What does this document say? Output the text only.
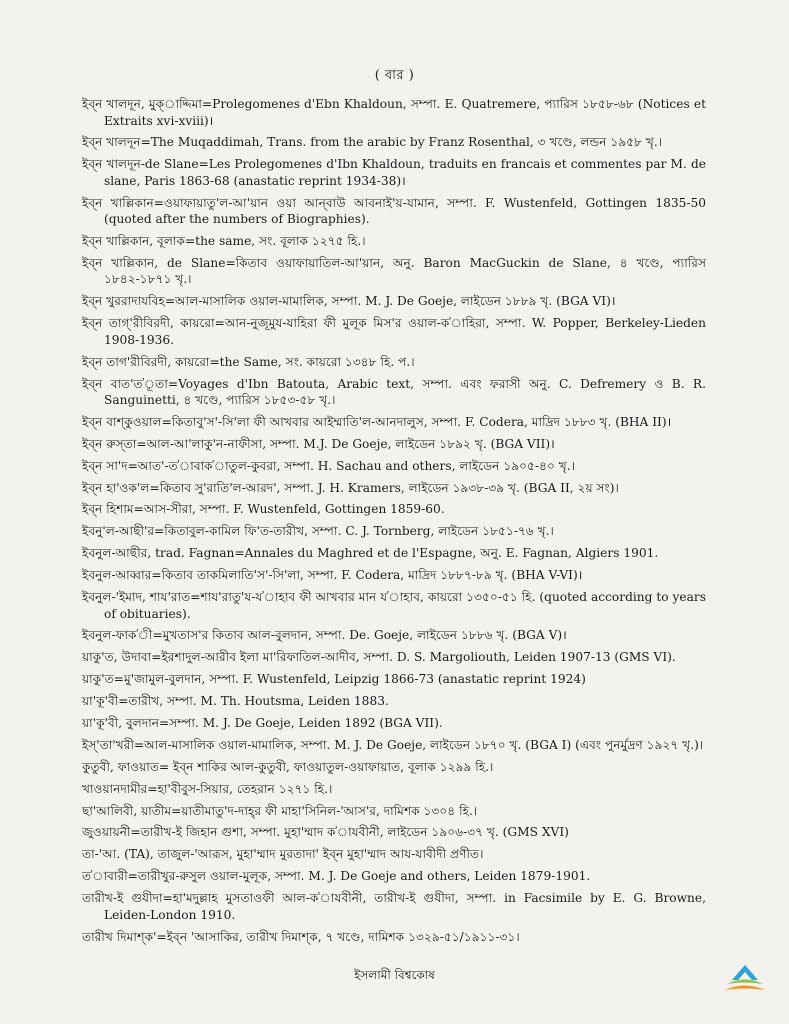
( বার )

ইব্‌ন খালদূন, মুক্‌াদ্দিমা=Prolegomenes d'Ebn Khaldoun, সম্পা. E. Quatremere, প্যারিস ১৮৫৮-৬৮ (Notices et Extraits xvi-xviii)।

ইব্‌ন খালদূন=The Muqaddimah, Trans. from the arabic by Franz Rosenthal, ৩ খণ্ডে, লন্ডন ১৯৫৮ খৃ.।

ইব্‌ন খালদূন-de Slane=Les Prolegomenes d'Ibn Khaldoun, traduits en francais et commentes par M. de slane, Paris 1863-68 (anastatic reprint 1934-38)।

ইব্‌ন খাল্লিকান=ওয়াফায়াতু'ল-আ'য়ান ওয়া আন্‌বাউ আবনাই'য়-যামান, সম্পা. F. Wustenfeld, Gottingen 1835-50 (quoted after the numbers of Biographies).

ইব্‌ন খাল্লিকান, বূলাক=the same, সং. বূলাক ১২৭৫ হি.।

ইব্‌ন খাল্লিকান, de Slane=কিতাব ওয়াফায়াতিল-আ'য়ান, অনু. Baron MacGuckin de Slane, ৪ খণ্ডে, প্যারিস ১৮৪২-১৮৭১ খৃ.।

ইব্‌ন খুররাদাযবিহ=আল-মাসালিক ওয়াল-মামালিক, সম্পা. M. J. De Goeje, লাইডেন ১৮৮৯ খৃ. (BGA VI)।

ইব্‌ন তাগ্‌'রীবিরদী, কায়রো=আন-নুজূমুয-যাহিরা ফী মুলূক মিস'র ওয়াল-ক'াহিরা, সম্পা. W. Popper, Berkeley-Lieden 1908-1936.

ইব্‌ন তাগ'রীবিরদী, কায়রো=the Same, সং. কায়রো ১৩৪৮ হি. প.।

ইব্‌ন বাত'ত'ূতা=Voyages d'Ibn Batouta, Arabic text, সম্পা. এবং ফরাসী অনু. C. Defremery ও B. R. Sanguinetti, ৪ খণ্ডে, প্যারিস ১৮৫৩-৫৮ খৃ.।

ইব্‌ন বাশ্‌কুওয়াল=কিতাবু'স'-সি'লা ফী আখবার আইম্মাতি'ল-আনদালুস, সম্পা. F. Codera, মাদ্রিদ ১৮৮৩ খৃ. (BHA II)।

ইব্‌ন রুস্‌তা=আল-আ'লাকু'ন-নাফীসা, সম্পা. M.J. De Goeje, লাইডেন ১৮৯২ খৃ. (BGA VII)।

ইব্‌ন সা'দ=আত'-ত'াবাক'াতুল-কুবরা, সম্পা. H. Sachau and others, লাইডেন ১৯০৫-৪০ খৃ.।

ইব্‌ন হা'ওক'ল=কিতাব সু'রাতি'ল-আরদ', সম্পা. J. H. Kramers, লাইডেন ১৯৩৮-৩৯ খৃ. (BGA II, ২য় সং)।

ইব্‌ন হিশাম=আস-সীরা, সম্পা. F. Wustenfeld, Gottingen 1859-60.

ইবনু'ল-আছী'র=কিতাবুল-কামিল ফি'ত-তারীখ, সম্পা. C. J. Tornberg, লাইডেন ১৮৫১-৭৬ খৃ.।

ইবনুল-আছীর, trad. Fagnan=Annales du Maghred et de l'Espagne, অনু. E. Fagnan, Algiers 1901.

ইবনুল-আব্বার=কিতাব তাকমিলাতি'স'-সি'লা, সম্পা. F. Codera, মাদ্রিদ ১৮৮৭-৮৯ খৃ. (BHA V-VI)।

ইবনুল-'ইমাদ, শায'রাত=শায'রাতু'য-য'াহাব ফী আখবার মান য'াহাব, কায়রো ১৩৫০-৫১ হি. (quoted according to years of obituaries).

ইবনুল-ফাক'ী=মুখতাস'র কিতাব আল-বুলদান, সম্পা. De. Goeje, লাইডেন ১৮৮৬ খৃ. (BGA V)।

য়াকু'ত, উদাবা=ইরশাদুল-আরীব ইলা মা'রিফাতিল-আদীব, সম্পা. D. S. Margoliouth, Leiden 1907-13 (GMS VI).

য়াকু'ত=মু'জামুল-বুলদান, সম্পা. F. Wustenfeld, Leipzig 1866-73 (anastatic reprint 1924)

য়া'কূ'বী=তারীখ, সম্পা. M. Th. Houtsma, Leiden 1883.

য়া'কূ'বী, বুলদান=সম্পা. M. J. De Goeje, Leiden 1892 (BGA VII).

ইস্‌'তা'খরী=আল-মাসালিক ওয়াল-মামালিক, সম্পা. M. J. De Goeje, লাইডেন ১৮৭০ খৃ. (BGA I) (এবং পুনর্মুদ্রণ ১৯২৭ খৃ.)।

কুতুবী, ফাওয়াত= ইব্‌ন শাকির আল-কুতুবী, ফাওয়াতুল-ওয়াফায়াত, বূলাক ১২৯৯ হি.।

খাওয়ানদামীর=হা'বীবুস-সিয়ার, তেহরান ১২৭১ হি.।

ছা'আলিবী, য়াতীম=য়াতীমাতু'দ-দাহ্‌র ফী মাহা'সিনিল-'আস'র, দামিশক ১৩০৪ হি.।

জুওয়ায়নী=তারীখ-ই জিহান গুশা, সম্পা. মুহা'ম্মাদ ক'াযবীনী, লাইডেন ১৯০৬-৩৭ খৃ. (GMS XVI)

তা-'আ. (TA), তাজুল-'আরূস, মুহা'ম্মাদ মুরতাদা' ইব্‌ন মুহা'ম্মাদ আয-যাবীদী প্রণীত।

ত'াবারী=তারীখুর-রুসুল ওয়াল-মুলূক, সম্পা. M. J. De Goeje and others, Leiden 1879-1901.

তারীখ-ই গুযীদা=হা'মদুল্লাহ মুসতাওফী আল-ক'াযবীনী, তারীখ-ই গুযীদা, সম্পা. in Facsimile by E. G. Browne, Leiden-London 1910.

তারীখ দিমাশ্‌ক'=ইব্‌ন 'আসাকির, তারীখ দিমাশ্‌ক, ৭ খণ্ডে, দামিশক ১৩২৯-৫১/১৯১১-৩১।

ইসলামী বিশ্বকোষ
